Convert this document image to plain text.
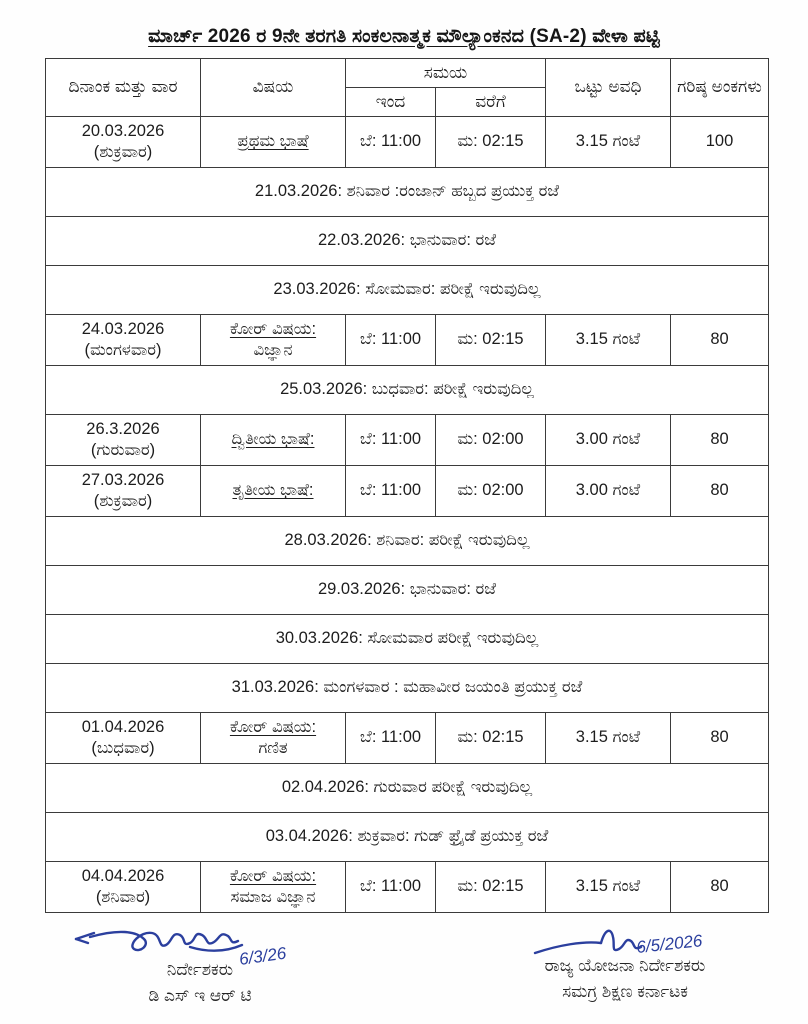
ಮಾರ್ಚ್ 2026 ರ 9ನೇ ತರಗತಿ ಸಂಕಲನಾತ್ಮಕ ಮೌಲ್ಯಾಂಕನದ (SA-2) ವೇಳಾ ಪಟ್ಟಿ
ದಿನಾಂಕ ಮತ್ತು ವಾರ	ವಿಷಯ	ಸಮಯ		ಒಟ್ಟು ಅವಧಿ	ಗರಿಷ್ಠ ಅಂಕಗಳು
		ಇಂದ	ವರೆಗೆ		

20.03.2026
(ಶುಕ್ರವಾರ)	ಪ್ರಥಮ ಭಾಷೆ	ಬೆ: 11:00	ಮ: 02:15	3.15 ಗಂಟೆ	100

21.03.2026: ಶನಿವಾರ :ರಂಜಾನ್ ಹಬ್ಬದ ಪ್ರಯುಕ್ತ ರಜೆ					
22.03.2026: ಭಾನುವಾರ: ರಜೆ					
23.03.2026: ಸೋಮವಾರ: ಪರೀಕ್ಷೆ ಇರುವುದಿಲ್ಲ					

24.03.2026
(ಮಂಗಳವಾರ)	ಕೋರ್ ವಿಷಯ:
ವಿಜ್ಞಾನ	ಬೆ: 11:00	ಮ: 02:15	3.15 ಗಂಟೆ	80

25.03.2026: ಬುಧವಾರ: ಪರೀಕ್ಷೆ ಇರುವುದಿಲ್ಲ					

26.3.2026
(ಗುರುವಾರ)	ದ್ವಿತೀಯ ಭಾಷೆ:	ಬೆ: 11:00	ಮ: 02:00	3.00 ಗಂಟೆ	80

27.03.2026
(ಶುಕ್ರವಾರ)	ತೃತೀಯ ಭಾಷೆ:	ಬೆ: 11:00	ಮ: 02:00	3.00 ಗಂಟೆ	80

28.03.2026: ಶನಿವಾರ: ಪರೀಕ್ಷೆ ಇರುವುದಿಲ್ಲ					
29.03.2026: ಭಾನುವಾರ: ರಜೆ					
30.03.2026: ಸೋಮವಾರ ಪರೀಕ್ಷೆ ಇರುವುದಿಲ್ಲ					
31.03.2026: ಮಂಗಳವಾರ : ಮಹಾವೀರ ಜಯಂತಿ ಪ್ರಯುಕ್ತ ರಜೆ					

01.04.2026
(ಬುಧವಾರ)	ಕೋರ್ ವಿಷಯ:
ಗಣಿತ	ಬೆ: 11:00	ಮ: 02:15	3.15 ಗಂಟೆ	80

02.04.2026: ಗುರುವಾರ ಪರೀಕ್ಷೆ ಇರುವುದಿಲ್ಲ					
03.04.2026: ಶುಕ್ರವಾರ: ಗುಡ್ ಫ್ರೈಡೆ ಪ್ರಯುಕ್ತ ರಜೆ					

04.04.2026
(ಶನಿವಾರ)	ಕೋರ್ ವಿಷಯ:
ಸಮಾಜ ವಿಜ್ಞಾನ	ಬೆ: 11:00	ಮ: 02:15	3.15 ಗಂಟೆ	80
6/3/26
ನಿರ್ದೇಶಕರು
ಡಿ ಎಸ್ ಇ ಆರ್ ಟಿ
6/5/2026
ರಾಜ್ಯ ಯೋಜನಾ ನಿರ್ದೇಶಕರು
ಸಮಗ್ರ ಶಿಕ್ಷಣ ಕರ್ನಾಟಕ
